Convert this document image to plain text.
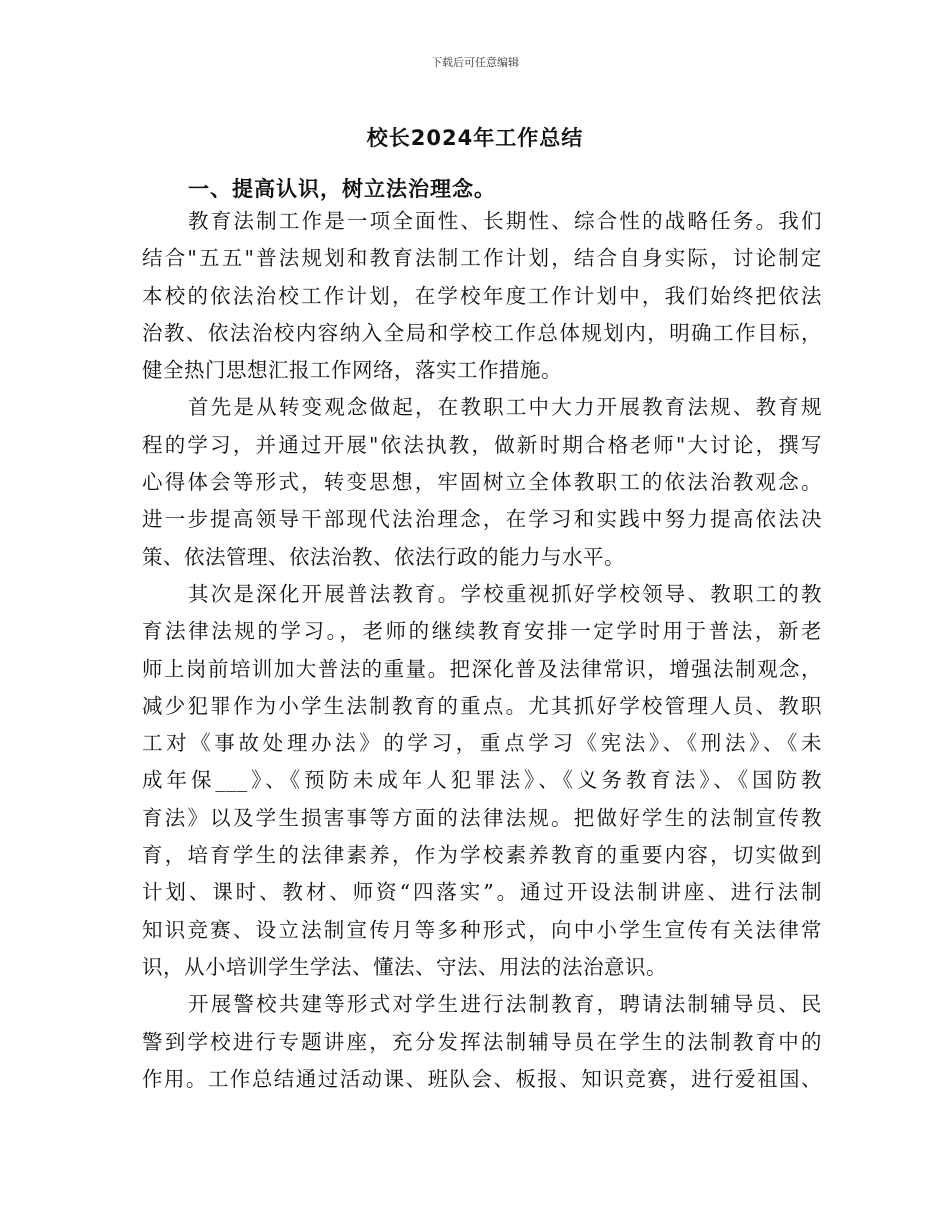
下载后可任意编辑
校长2024年工作总结
一、提高认识，树立法治理念。
教育法制工作是一项全面性、长期性、综合性的战略任务。我们
结合"五五"普法规划和教育法制工作计划，结合自身实际，讨论制定
本校的依法治校工作计划，在学校年度工作计划中，我们始终把依法
治教、依法治校内容纳入全局和学校工作总体规划内，明确工作目标，
健全热门思想汇报工作网络，落实工作措施。
首先是从转变观念做起，在教职工中大力开展教育法规、教育规
程的学习，并通过开展"依法执教，做新时期合格老师"大讨论，撰写
心得体会等形式，转变思想，牢固树立全体教职工的依法治教观念。
进一步提高领导干部现代法治理念，在学习和实践中努力提高依法决
策、依法管理、依法治教、依法行政的能力与水平。
其次是深化开展普法教育。学校重视抓好学校领导、教职工的教
育法律法规的学习。，老师的继续教育安排一定学时用于普法，新老
师上岗前培训加大普法的重量。把深化普及法律常识，增强法制观念，
减少犯罪作为小学生法制教育的重点。尤其抓好学校管理人员、教职
工对《事故处理办法》的学习，重点学习《宪法》、《刑法》、《未
成年保___》、《预防未成年人犯罪法》、《义务教育法》、《国防教
育法》以及学生损害事等方面的法律法规。把做好学生的法制宣传教
育，培育学生的法律素养，作为学校素养教育的重要内容，切实做到
计划、课时、教材、师资“四落实”。通过开设法制讲座、进行法制
知识竞赛、设立法制宣传月等多种形式，向中小学生宣传有关法律常
识，从小培训学生学法、懂法、守法、用法的法治意识。
开展警校共建等形式对学生进行法制教育，聘请法制辅导员、民
警到学校进行专题讲座，充分发挥法制辅导员在学生的法制教育中的
作用。工作总结通过活动课、班队会、板报、知识竞赛，进行爱祖国、
